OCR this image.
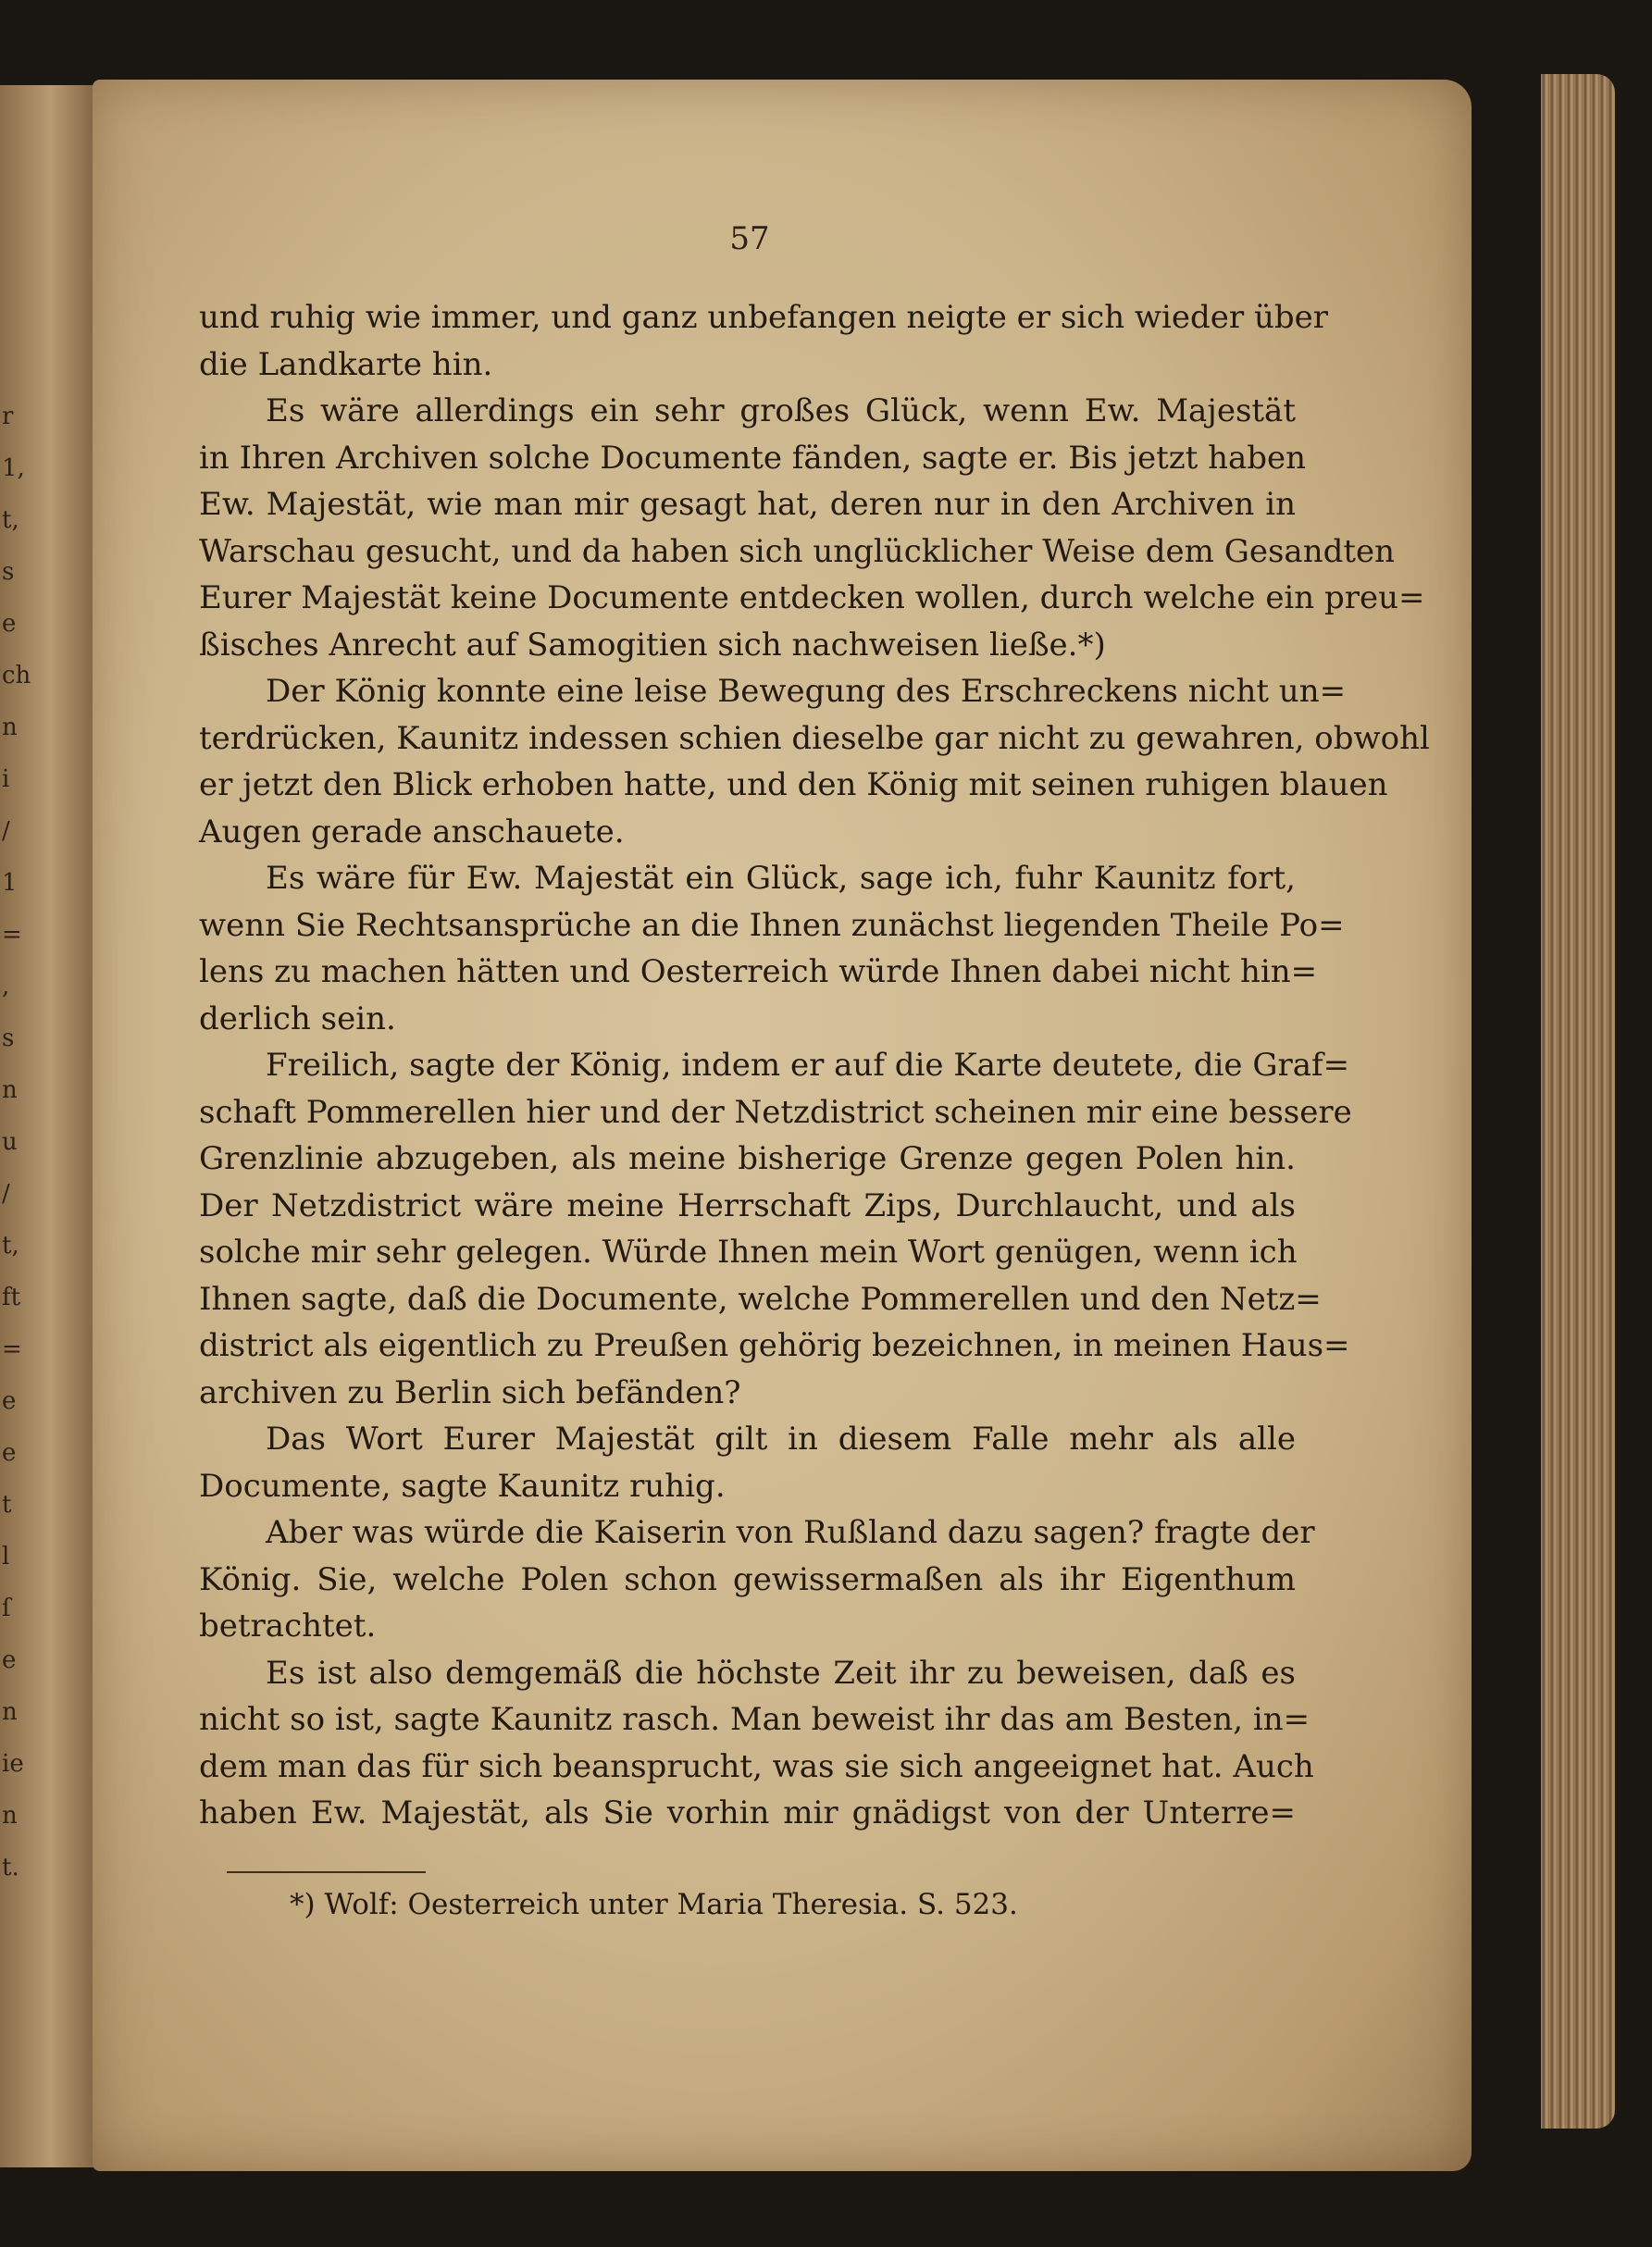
r
1,
t,
s
e
ch
n
i
/
1
=
,
s
n
u
/
t,
ft
=
e
e
t
l
ſ
e
n
ie
n
t.
57
und ruhig wie immer, und ganz unbefangen neigte er sich wieder über
die Landkarte hin.
Es wäre allerdings ein sehr großes Glück, wenn Ew. Majestät
in Ihren Archiven solche Documente fänden, sagte er. Bis jetzt haben
Ew. Majestät, wie man mir gesagt hat, deren nur in den Archiven in
Warschau gesucht, und da haben sich unglücklicher Weise dem Gesandten
Eurer Majestät keine Documente entdecken wollen, durch welche ein preu=
ßisches Anrecht auf Samogitien sich nachweisen ließe.*)
Der König konnte eine leise Bewegung des Erschreckens nicht un=
terdrücken, Kaunitz indessen schien dieselbe gar nicht zu gewahren, obwohl
er jetzt den Blick erhoben hatte, und den König mit seinen ruhigen blauen
Augen gerade anschauete.
Es wäre für Ew. Majestät ein Glück, sage ich, fuhr Kaunitz fort,
wenn Sie Rechtsansprüche an die Ihnen zunächst liegenden Theile Po=
lens zu machen hätten und Oesterreich würde Ihnen dabei nicht hin=
derlich sein.
Freilich, sagte der König, indem er auf die Karte deutete, die Graf=
schaft Pommerellen hier und der Netzdistrict scheinen mir eine bessere
Grenzlinie abzugeben, als meine bisherige Grenze gegen Polen hin.
Der Netzdistrict wäre meine Herrschaft Zips, Durchlaucht, und als
solche mir sehr gelegen. Würde Ihnen mein Wort genügen, wenn ich
Ihnen sagte, daß die Documente, welche Pommerellen und den Netz=
district als eigentlich zu Preußen gehörig bezeichnen, in meinen Haus=
archiven zu Berlin sich befänden?
Das Wort Eurer Majestät gilt in diesem Falle mehr als alle
Documente, sagte Kaunitz ruhig.
Aber was würde die Kaiserin von Rußland dazu sagen? fragte der
König. Sie, welche Polen schon gewissermaßen als ihr Eigenthum
betrachtet.
Es ist also demgemäß die höchste Zeit ihr zu beweisen, daß es
nicht so ist, sagte Kaunitz rasch. Man beweist ihr das am Besten, in=
dem man das für sich beansprucht, was sie sich angeeignet hat. Auch
haben Ew. Majestät, als Sie vorhin mir gnädigst von der Unterre=
*) Wolf: Oesterreich unter Maria Theresia. S. 523.
